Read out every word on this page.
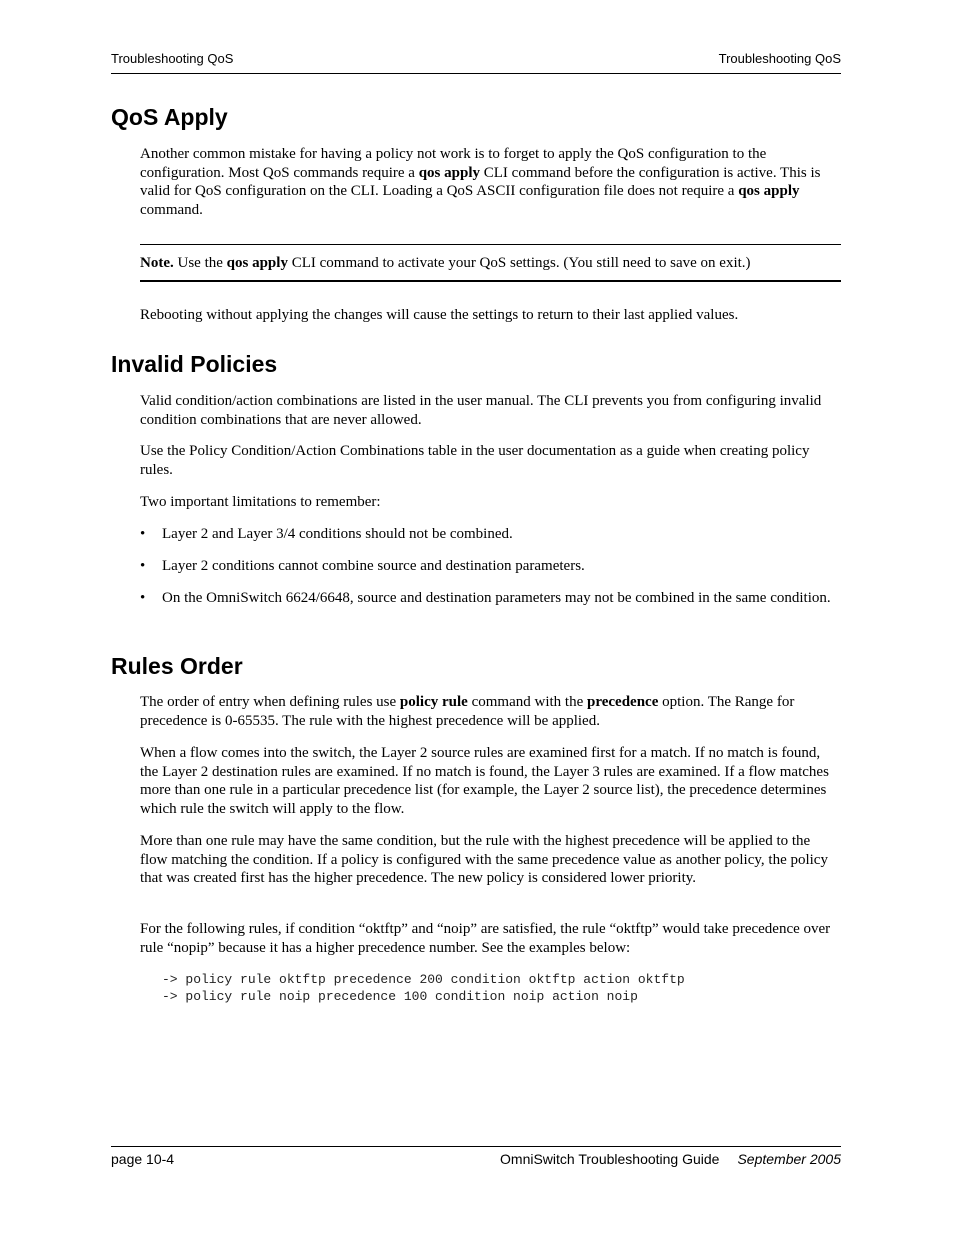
Troubleshooting QoS	Troubleshooting QoS
QoS Apply

Another common mistake for having a policy not work is to forget to apply the QoS configuration to the configuration. Most QoS commands require a qos apply CLI command before the configuration is active. This is valid for QoS configuration on the CLI. Loading a QoS ASCII configuration file does not require a qos apply command.

Note. Use the qos apply CLI command to activate your QoS settings. (You still need to save on exit.)

Rebooting without applying the changes will cause the settings to return to their last applied values.

Invalid Policies

Valid condition/action combinations are listed in the user manual. The CLI prevents you from configuring invalid condition combinations that are never allowed.

Use the Policy Condition/Action Combinations table in the user documentation as a guide when creating policy rules.

Two important limitations to remember:

• Layer 2 and Layer 3/4 conditions should not be combined.
• Layer 2 conditions cannot combine source and destination parameters.
• On the OmniSwitch 6624/6648, source and destination parameters may not be combined in the same condition.
Rules Order

The order of entry when defining rules use policy rule command with the precedence option. The Range for precedence is 0-65535. The rule with the highest precedence will be applied.

When a flow comes into the switch, the Layer 2 source rules are examined first for a match. If no match is found, the Layer 2 destination rules are examined. If no match is found, the Layer 3 rules are examined. If a flow matches more than one rule in a particular precedence list (for example, the Layer 2 source list), the precedence determines which rule the switch will apply to the flow.

More than one rule may have the same condition, but the rule with the highest precedence will be applied to the flow matching the condition. If a policy is configured with the same precedence value as another policy, the policy that was created first has the higher precedence. The new policy is considered lower priority.

For the following rules, if condition “oktftp” and “noip” are satisfied, the rule “oktftp” would take precedence over rule “nopip” because it has a higher precedence number. See the examples below:

-> policy rule oktftp precedence 200 condition oktftp action oktftp
-> policy rule noip precedence 100 condition noip action noip
page 10-4	OmniSwitch Troubleshooting Guide September 2005
